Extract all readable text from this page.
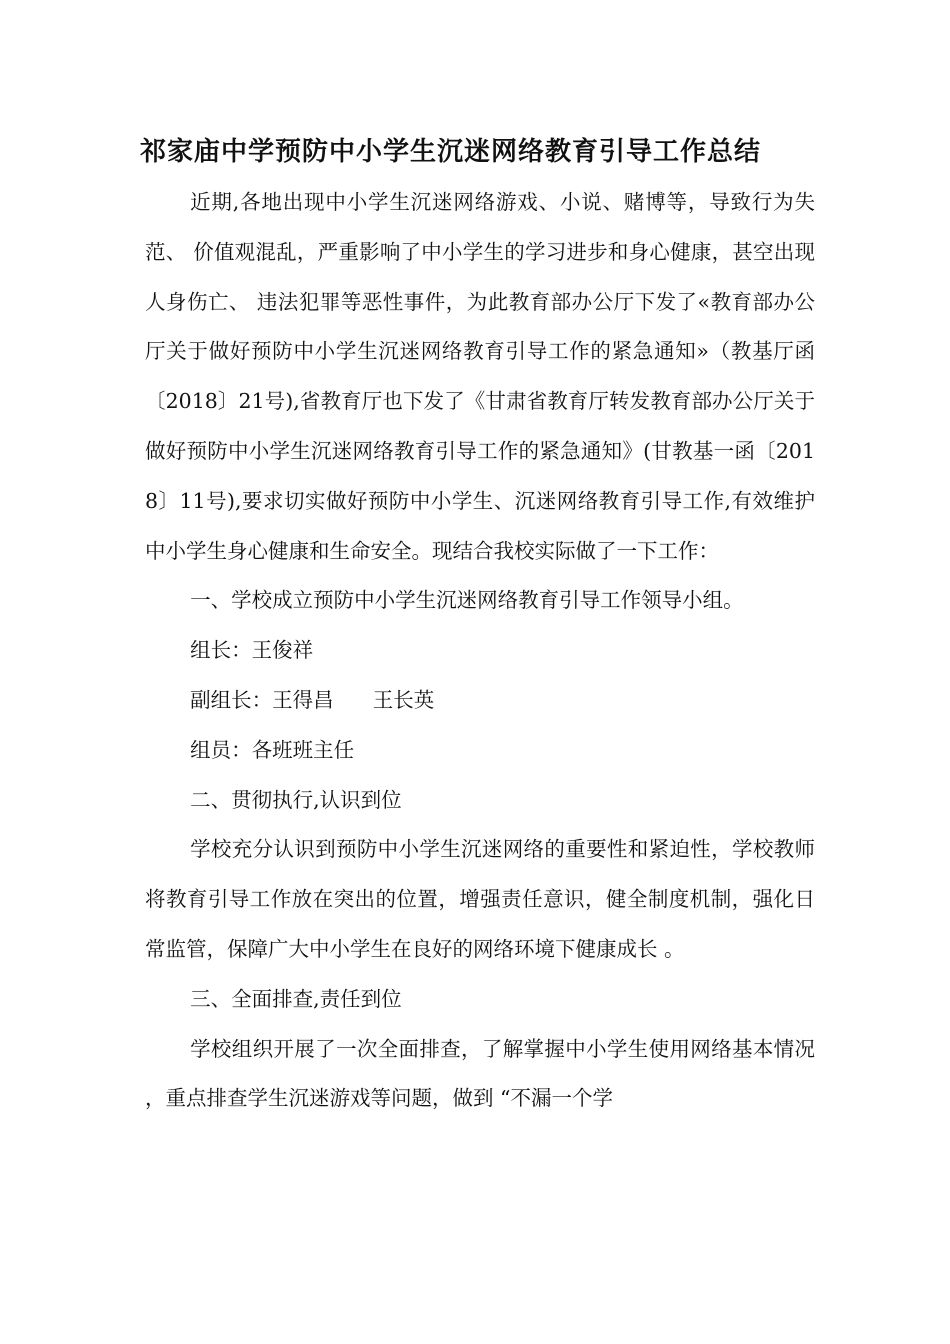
祁家庙中学预防中小学生沉迷网络教育引导工作总结

近期,各地出现中小学生沉迷网络游戏、小说、赌博等，导致行为失范、 价值观混乱，严重影响了中小学生的学习进步和身心健康，甚空出现人身伤亡、 违法犯罪等恶性事件，为此教育部办公厅下发了«教育部办公厅关于做好预防中小学生沉迷网络教育引导工作的紧急通知»（教基厅函〔2018〕21号),省教育厅也下发了《甘肃省教育厅转发教育部办公厅关于做好预防中小学生沉迷网络教育引导工作的紧急通知》(甘教基一函〔2018〕11号),要求切实做好预防中小学生、沉迷网络教育引导工作,有效维护中小学生身心健康和生命安全。现结合我校实际做了一下工作：

一、学校成立预防中小学生沉迷网络教育引导工作领导小组。

组长：王俊祥

副组长：王得昌      王长英

组员：各班班主任

二、贯彻执行,认识到位

学校充分认识到预防中小学生沉迷网络的重要性和紧迫性，学校教师将教育引导工作放在突出的位置，增强责任意识，健全制度机制，强化日常监管，保障广大中小学生在良好的网络环境下健康成长 。

三、全面排查,责任到位

学校组织开展了一次全面排查，了解掌握中小学生使用网络基本情况 ，重点排查学生沉迷游戏等问题，做到 “不漏一个学
